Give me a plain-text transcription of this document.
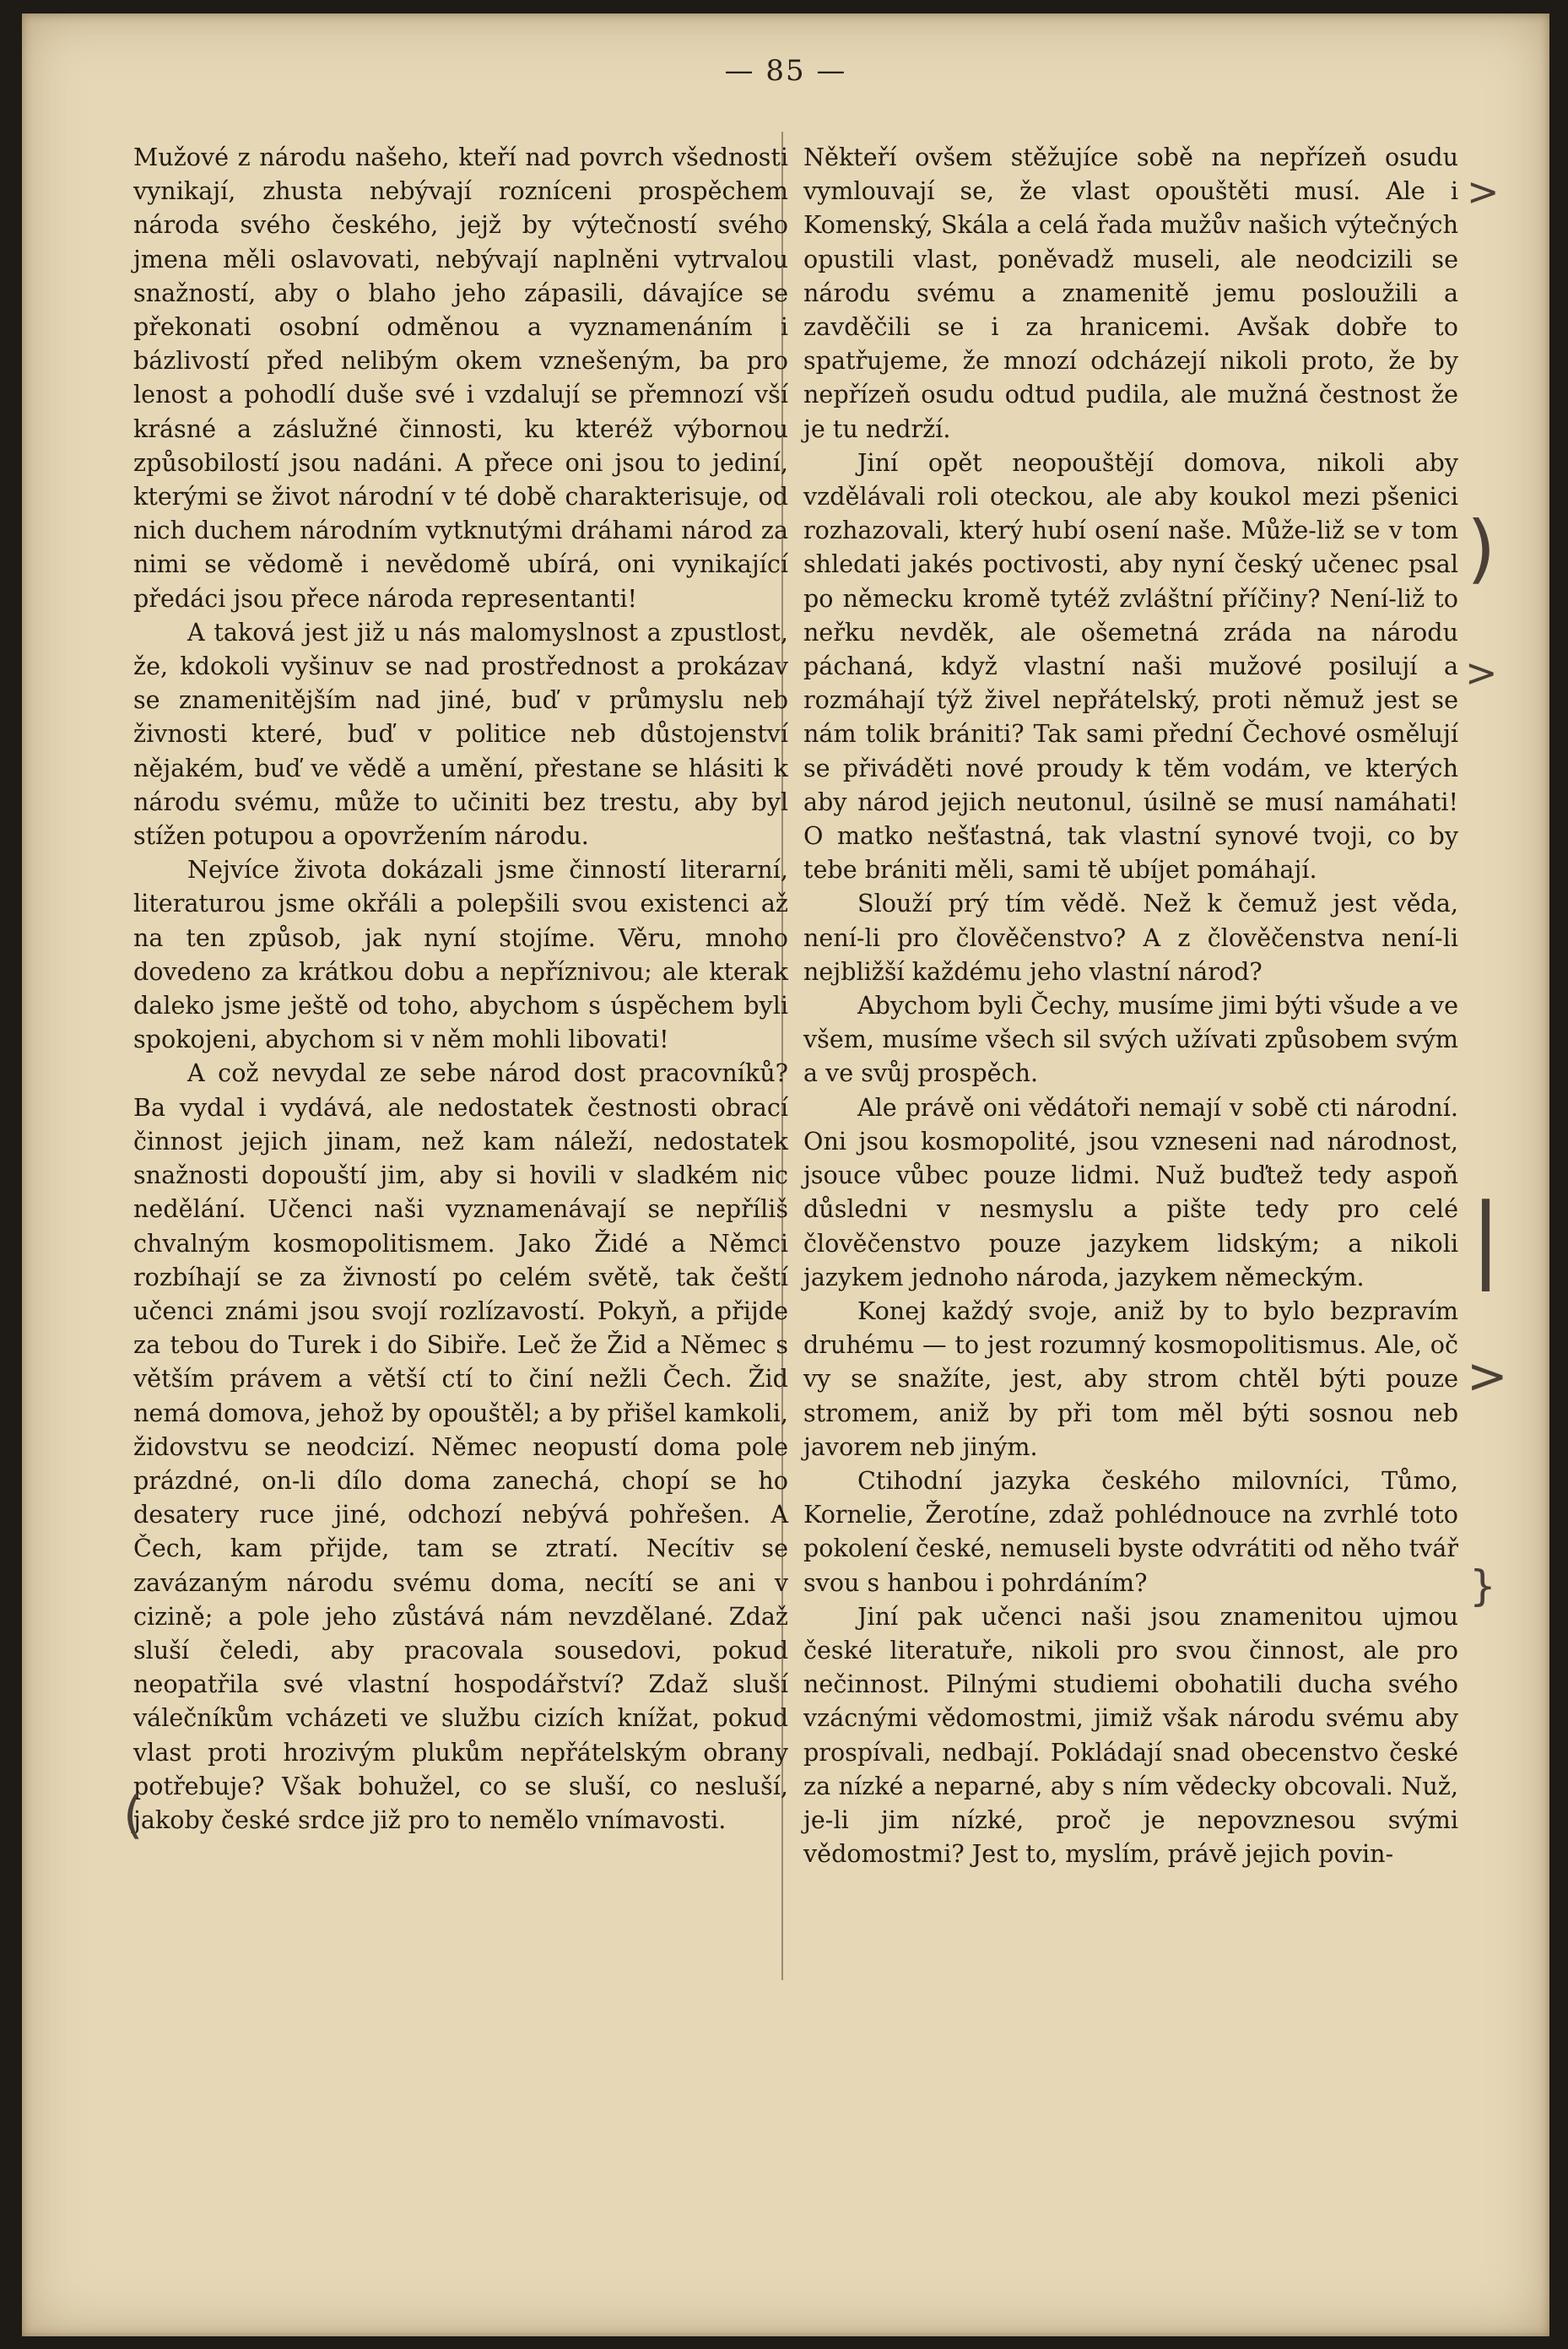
— 85 —

Mužové z národu našeho, kteří nad povrch všednosti vynikají, zhusta nebývají rozníceni prospěchem národa svého českého, jejž by výtečností svého jmena měli oslavovati, nebývají naplněni vytrvalou snažností, aby o blaho jeho zápasili, dávajíce se překonati osobní odměnou a vyznamenáním i bázlivostí před nelibým okem vznešeným, ba pro lenost a pohodlí duše své i vzdalují se přemnozí vší krásné a záslužné činnosti, ku kteréž výbornou způsobilostí jsou nadáni. A přece oni jsou to jediní, kterými se život národní v té době charakterisuje, od nich duchem národním vytknutými dráhami národ za nimi se vědomě i nevědomě ubírá, oni vynikající předáci jsou přece národa representanti!

A taková jest již u nás malomyslnost a zpustlost, že, kdokoli vyšinuv se nad prostřednost a prokázav se znamenitějším nad jiné, buď v průmyslu neb živnosti které, buď v politice neb důstojenství nějakém, buď ve vědě a umění, přestane se hlásiti k národu svému, může to učiniti bez trestu, aby byl stížen potupou a opovržením národu.

Nejvíce života dokázali jsme činností literarní, literaturou jsme okřáli a polepšili svou existenci až na ten způsob, jak nyní stojíme. Věru, mnoho dovedeno za krátkou dobu a nepříznivou; ale kterak daleko jsme ještě od toho, abychom s úspěchem byli spokojeni, abychom si v něm mohli libovati!

A což nevydal ze sebe národ dost pracovníků? Ba vydal i vydává, ale nedostatek čestnosti obrací činnost jejich jinam, než kam náleží, nedostatek snažnosti dopouští jim, aby si hovili v sladkém nic nedělání. Učenci naši vyznamenávají se nepříliš chvalným kosmopolitismem. Jako Židé a Němci rozbíhají se za živností po celém světě, tak čeští učenci známi jsou svojí rozlízavostí. Pokyň, a přijde za tebou do Turek i do Sibiře. Leč že Žid a Němec s větším právem a větší ctí to činí nežli Čech. Žid nemá domova, jehož by opouštěl; a by přišel kamkoli, židovstvu se neodcizí. Němec neopustí doma pole prázdné, on-li dílo doma zanechá, chopí se ho desatery ruce jiné, odchozí nebývá pohřešen. A Čech, kam přijde, tam se ztratí. Necítiv se zavázaným národu svému doma, necítí se ani v cizině; a pole jeho zůstává nám nevzdělané. Zdaž sluší čeledi, aby pracovala sousedovi, pokud neopatřila své vlastní hospodářství? Zdaž sluší válečníkům vcházeti ve službu cizích knížat, pokud vlast proti hrozivým plukům nepřátelským obrany potřebuje? Však bohužel, co se sluší, co nesluší, jakoby české srdce již pro to nemělo vnímavosti.

Někteří ovšem stěžujíce sobě na nepřízeň osudu vymlouvají se, že vlast opouštěti musí. Ale i Komenský, Skála a celá řada mužův našich výtečných opustili vlast, poněvadž museli, ale neodcizili se národu svému a znamenitě jemu posloužili a zavděčili se i za hranicemi. Avšak dobře to spatřujeme, že mnozí odcházejí nikoli proto, že by nepřízeň osudu odtud pudila, ale mužná čestnost že je tu nedrží.

Jiní opět neopouštějí domova, nikoli aby vzdělávali roli oteckou, ale aby koukol mezi pšenici rozhazovali, který hubí osení naše. Může-liž se v tom shledati jakés poctivosti, aby nyní český učenec psal po německu kromě tytéž zvláštní příčiny? Není-liž to neřku nevděk, ale ošemetná zráda na národu páchaná, když vlastní naši mužové posilují a rozmáhají týž živel nepřátelský, proti němuž jest se nám tolik brániti? Tak sami přední Čechové osmělují se přiváděti nové proudy k těm vodám, ve kterých aby národ jejich neutonul, úsilně se musí namáhati! O matko nešťastná, tak vlastní synové tvoji, co by tebe brániti měli, sami tě ubíjet pomáhají.

Slouží prý tím vědě. Než k čemuž jest věda, není-li pro člověčenstvo? A z člověčenstva není-li nejbližší každému jeho vlastní národ?

Abychom byli Čechy, musíme jimi býti všude a ve všem, musíme všech sil svých užívati způsobem svým a ve svůj prospěch.

Ale právě oni vědátoři nemají v sobě cti národní. Oni jsou kosmopolité, jsou vzneseni nad národnost, jsouce vůbec pouze lidmi. Nuž buďtež tedy aspoň důsledni v nesmyslu a pište tedy pro celé člověčenstvo pouze jazykem lidským; a nikoli jazykem jednoho národa, jazykem německým.

Konej každý svoje, aniž by to bylo bezpravím druhému — to jest rozumný kosmopolitismus. Ale, oč vy se snažíte, jest, aby strom chtěl býti pouze stromem, aniž by při tom měl býti sosnou neb javorem neb jiným.

Ctihodní jazyka českého milovníci, Tůmo, Kornelie, Žerotíne, zdaž pohlédnouce na zvrhlé toto pokolení české, nemuseli byste odvrátiti od něho tvář svou s hanbou i pohrdáním?

Jiní pak učenci naši jsou znamenitou ujmou české literatuře, nikoli pro svou činnost, ale pro nečinnost. Pilnými studiemi obohatili ducha svého vzácnými vědomostmi, jimiž však národu svému aby prospívali, nedbají. Pokládají snad obecenstvo české za nízké a neparné, aby s ním vědecky obcovali. Nuž, je-li jim nízké, proč je nepovznesou svými vědomostmi? Jest to, myslím, právě jejich povin-

(
>
)
>
|
>
}
